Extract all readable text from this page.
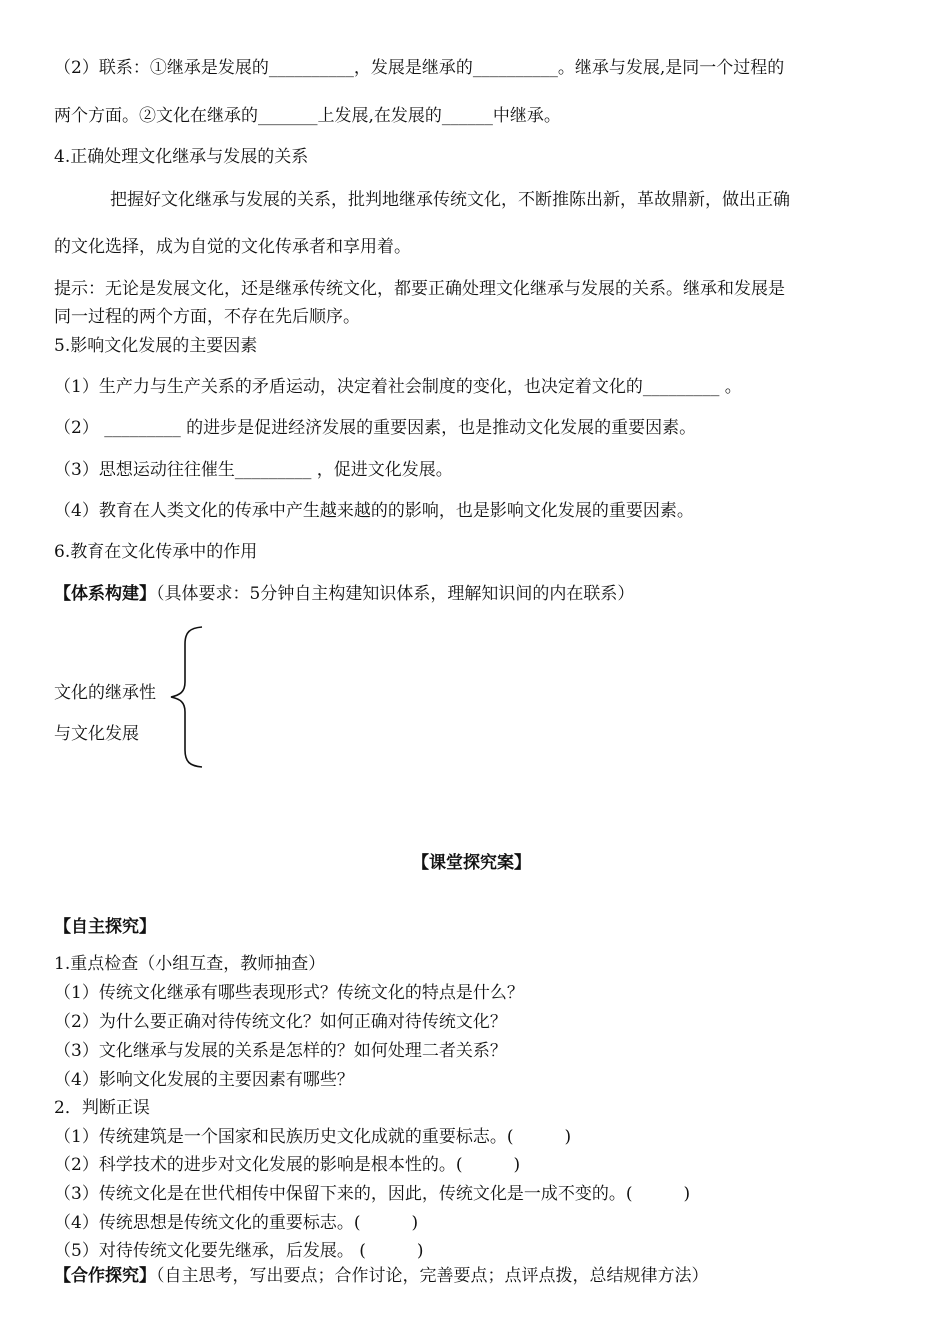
（2）联系：①继承是发展的__________，发展是继承的__________。继承与发展,是同一个过程的
两个方面。②文化在继承的_______上发展,在发展的______中继承。
4.正确处理文化继承与发展的关系
把握好文化继承与发展的关系，批判地继承传统文化，不断推陈出新，革故鼎新，做出正确
的文化选择，成为自觉的文化传承者和享用着。
提示：无论是发展文化，还是继承传统文化，都要正确处理文化继承与发展的关系。继承和发展是
同一过程的两个方面，不存在先后顺序。
5.影响文化发展的主要因素
（1）生产力与生产关系的矛盾运动，决定着社会制度的变化，也决定着文化的_________ 。
（2） _________ 的进步是促进经济发展的重要因素，也是推动文化发展的重要因素。
（3）思想运动往往催生_________ ，促进文化发展。
（4）教育在人类文化的传承中产生越来越的的影响，也是影响文化发展的重要因素。
6.教育在文化传承中的作用
【体系构建】（具体要求：5分钟自主构建知识体系，理解知识间的内在联系）
文化的继承性
与文化发展
【课堂探究案】
【自主探究】
1.重点检查（小组互查，教师抽查）
（1）传统文化继承有哪些表现形式？传统文化的特点是什么？
（2）为什么要正确对待传统文化？如何正确对待传统文化？
（3）文化继承与发展的关系是怎样的？如何处理二者关系？
（4）影响文化发展的主要因素有哪些？
2．判断正误
（1）传统建筑是一个国家和民族历史文化成就的重要标志。(　　　)
（2）科学技术的进步对文化发展的影响是根本性的。(　　　)
（3）传统文化是在世代相传中保留下来的，因此，传统文化是一成不变的。(　　　)
（4）传统思想是传统文化的重要标志。(　　　)
（5）对待传统文化要先继承，后发展。 (　　　)
【合作探究】（自主思考，写出要点；合作讨论，完善要点；点评点拨，总结规律方法）
